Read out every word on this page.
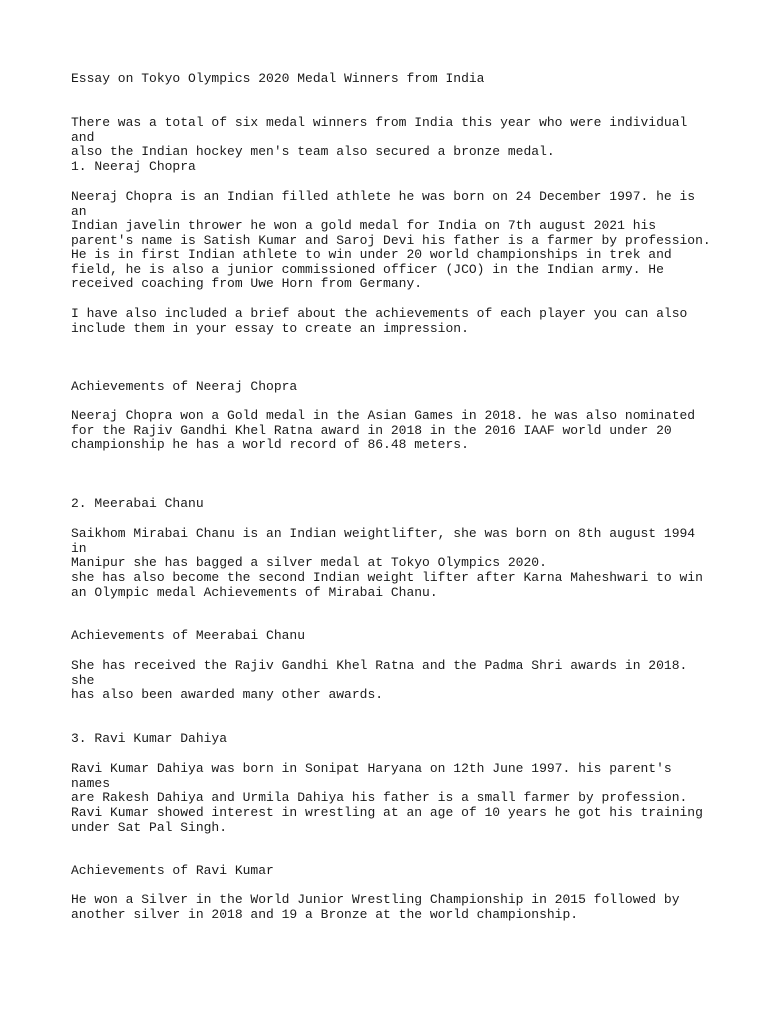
Essay on Tokyo Olympics 2020 Medal Winners from India

There was a total of six medal winners from India this year who were individual and
also the Indian hockey men's team also secured a bronze medal.

1. Neeraj Chopra

Neeraj Chopra is an Indian filled athlete he was born on 24 December 1997. he is an
Indian javelin thrower he won a gold medal for India on 7th august 2021 his
parent's name is Satish Kumar and Saroj Devi his father is a farmer by profession.

He is in first Indian athlete to win under 20 world championships in trek and
field, he is also a junior commissioned officer (JCO) in the Indian army. He
received coaching from Uwe Horn from Germany.

I have also included a brief about the achievements of each player you can also
include them in your essay to create an impression.

Achievements of Neeraj Chopra

Neeraj Chopra won a Gold medal in the Asian Games in 2018. he was also nominated
for the Rajiv Gandhi Khel Ratna award in 2018 in the 2016 IAAF world under 20
championship he has a world record of 86.48 meters.

2. Meerabai Chanu

Saikhom Mirabai Chanu is an Indian weightlifter, she was born on 8th august 1994 in
Manipur she has bagged a silver medal at Tokyo Olympics 2020.

she has also become the second Indian weight lifter after Karna Maheshwari to win
an Olympic medal Achievements of Mirabai Chanu.

Achievements of Meerabai Chanu

She has received the Rajiv Gandhi Khel Ratna and the Padma Shri awards in 2018. she
has also been awarded many other awards.

3. Ravi Kumar Dahiya

Ravi Kumar Dahiya was born in Sonipat Haryana on 12th June 1997. his parent's names
are Rakesh Dahiya and Urmila Dahiya his father is a small farmer by profession.

Ravi Kumar showed interest in wrestling at an age of 10 years he got his training
under Sat Pal Singh.

Achievements of Ravi Kumar

He won a Silver in the World Junior Wrestling Championship in 2015 followed by
another silver in 2018 and 19 a Bronze at the world championship.
